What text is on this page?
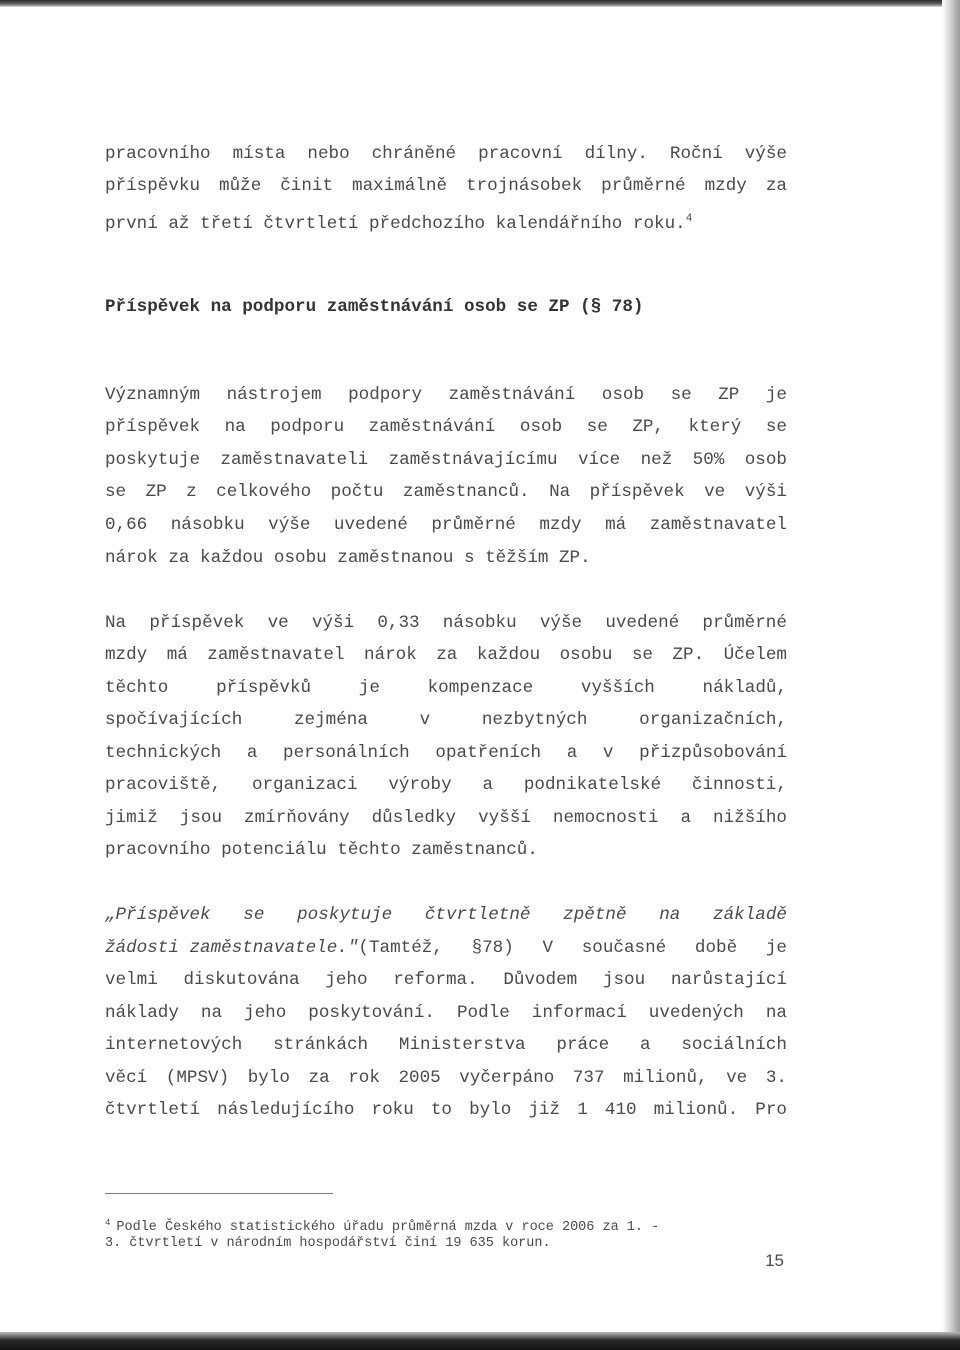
pracovního místa nebo chráněné pracovní dílny. Roční výše
příspěvku může činit maximálně trojnásobek průměrné mzdy za
první až třetí čtvrtletí předchozího kalendářního roku.$^4$
Příspěvek na podporu zaměstnávání osob se ZP (§ 78)
Významným nástrojem podpory zaměstnávání osob se ZP je
příspěvek na podporu zaměstnávání osob se ZP, který se
poskytuje zaměstnavateli zaměstnávajícímu více než 50% osob
se ZP z celkového počtu zaměstnanců. Na příspěvek ve výši
0,66 násobku výše uvedené průměrné mzdy má zaměstnavatel
nárok za každou osobu zaměstnanou s těžším ZP.
Na příspěvek ve výši 0,33 násobku výše uvedené průměrné
mzdy má zaměstnavatel nárok za každou osobu se ZP. Účelem
těchto	příspěvků	je	kompenzace	vyšších	nákladů,
spočívajících	zejména	v	nezbytných	organizačních,
technických a personálních opatřeních a v přizpůsobování
pracoviště, organizaci výroby a podnikatelské činnosti,
jimiž jsou zmírňovány důsledky vyšší nemocnosti a nižšího
pracovního potenciálu těchto zaměstnanců.
„Příspěvek se poskytuje čtvrtletně zpětně na základě
žádosti zaměstnavatele." (Tamtéž, §78) V současné době je
velmi diskutována jeho reforma. Důvodem jsou narůstající
náklady na jeho poskytování. Podle informací uvedených na
internetových stránkách Ministerstva práce a sociálních
věcí (MPSV) bylo za rok 2005 vyčerpáno 737 milionů, ve 3.
čtvrtletí následujícího roku to bylo již 1 410 milionů. Pro
$^4$ Podle Českého statistického úřadu průměrná mzda v roce 2006 za 1. -
3. čtvrtletí v národním hospodářství činí 19 635 korun.
15
